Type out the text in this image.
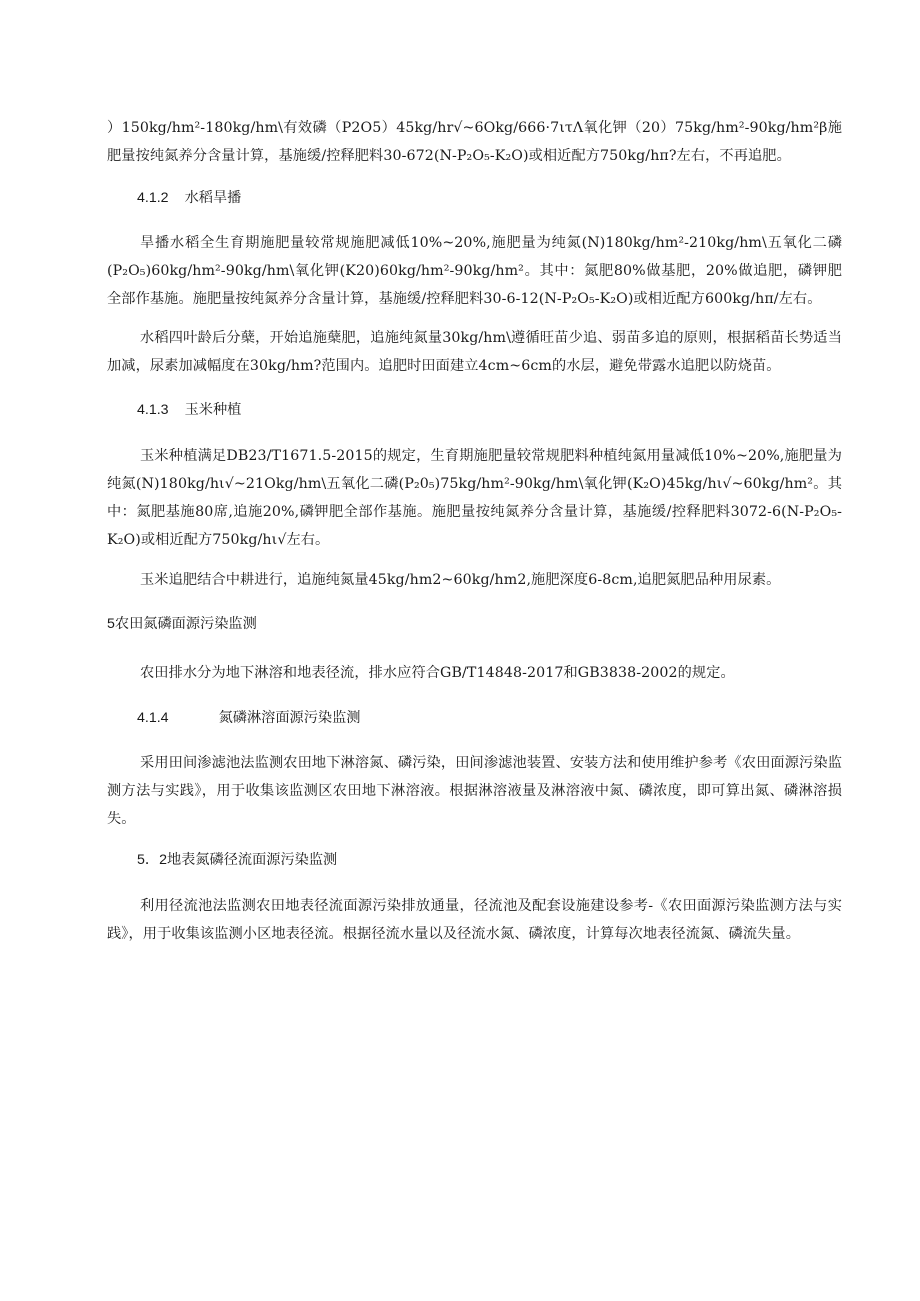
）150kg/hm²-180kg/hm\有效磷（P2O5）45kg/hr√~6Okg/666·7ιτΛ氧化钾（20）75kg/hm²-90kg/hm²β施肥量按纯氮养分含量计算，基施缓/控释肥料30-672(N-P₂O₅-K₂O)或相近配方750kg/hπ?左右，不再追肥。

4.1.2 水稻旱播

旱播水稻全生育期施肥量较常规施肥减低10%~20%,施肥量为纯氮(N)180kg/hm²-210kg/hm\五氧化二磷(P₂O₅)60kg/hm²-90kg/hm\氧化钾(K20)60kg/hm²-90kg/hm²。其中：氮肥80%做基肥，20%做追肥，磷钾肥全部作基施。施肥量按纯氮养分含量计算，基施缓/控释肥料30-6-12(N-P₂O₅-K₂O)或相近配方600kg/hπ/左右。

水稻四叶龄后分蘖，开始追施蘖肥，追施纯氮量30kg/hm\遵循旺苗少追、弱苗多追的原则，根据稻苗长势适当加减，尿素加减幅度在30kg/hm?范围内。追肥时田面建立4cm~6cm的水层，避免带露水追肥以防烧苗。

4.1.3 玉米种植

玉米种植满足DB23/T1671.5-2015的规定，生育期施肥量较常规肥料种植纯氮用量减低10%~20%,施肥量为纯氮(N)180kg/hι√~21Okg/hm\五氧化二磷(P₂0₅)75kg/hm²-90kg/hm\氧化钾(K₂O)45kg/hι√~60kg/hm²。其中：氮肥基施80席,追施20%,磷钾肥全部作基施。施肥量按纯氮养分含量计算，基施缓/控释肥料3072-6(N-P₂O₅-K₂O)或相近配方750kg/hι√左右。

玉米追肥结合中耕进行，追施纯氮量45kg/hm2~60kg/hm2,施肥深度6-8cm,追肥氮肥品种用尿素。

5农田氮磷面源污染监测

农田排水分为地下淋溶和地表径流，排水应符合GB/T14848-2017和GB3838-2002的规定。

4.1.4	氮磷淋溶面源污染监测

采用田间渗滤池法监测农田地下淋溶氮、磷污染，田间渗滤池装置、安装方法和使用维护参考《农田面源污染监测方法与实践》，用于收集该监测区农田地下淋溶液。根据淋溶液量及淋溶液中氮、磷浓度，即可算出氮、磷淋溶损失。

5．2地表氮磷径流面源污染监测

利用径流池法监测农田地表径流面源污染排放通量，径流池及配套设施建设参考-《农田面源污染监测方法与实践》，用于收集该监测小区地表径流。根据径流水量以及径流水氮、磷浓度，计算每次地表径流氮、磷流失量。
